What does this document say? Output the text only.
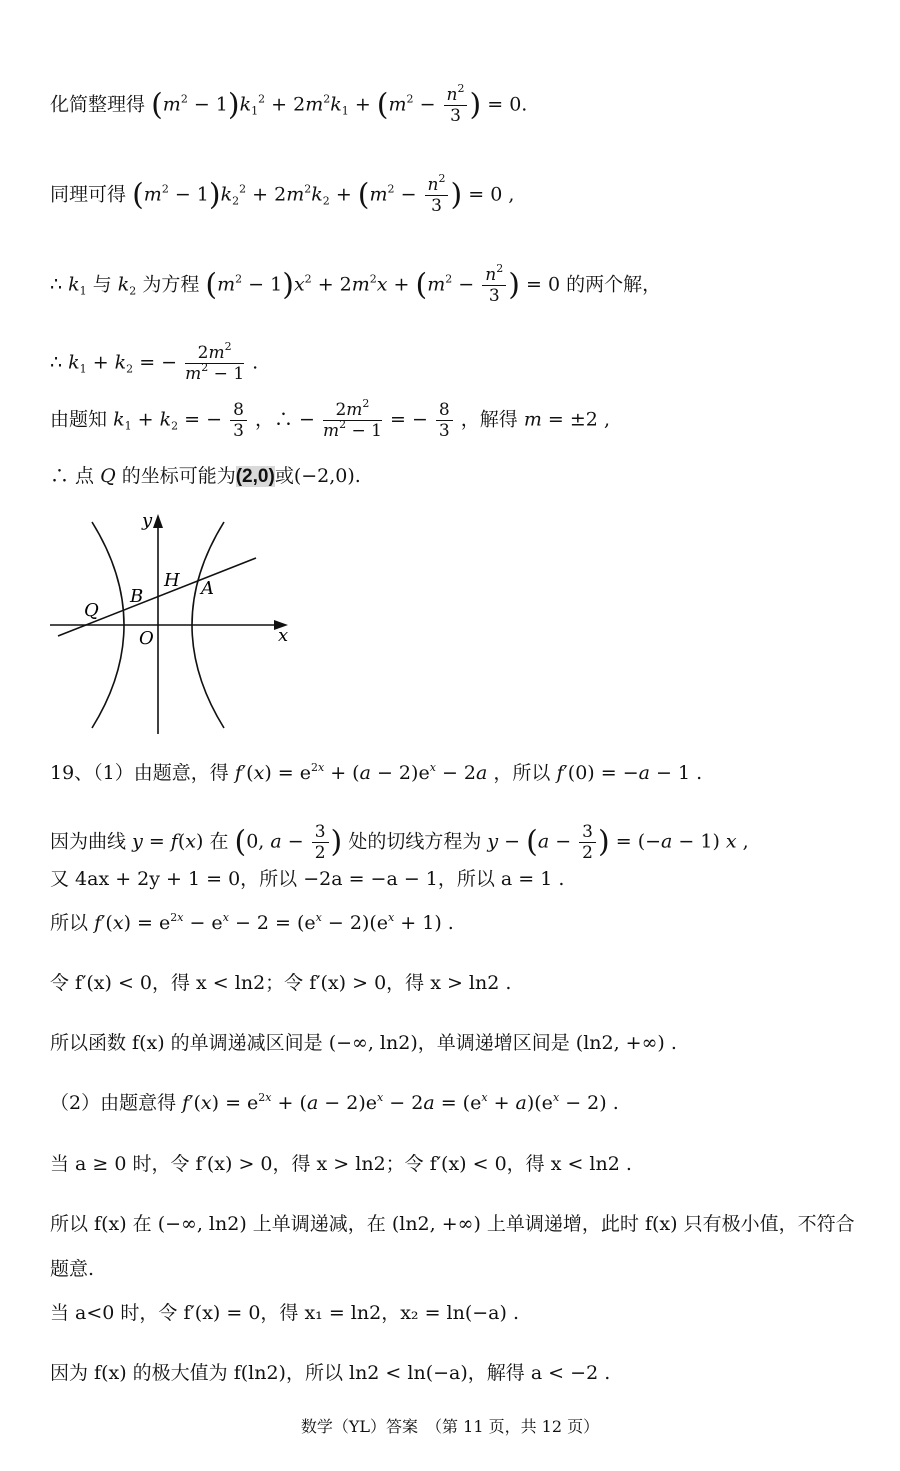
化简整理得 $(m^2 - 1)k_1^2 + 2m^2k_1 + (m^2 - \frac{n^2}{3}$ ) = 0.
同理可得 $(m^2 - 1)k_2^2 + 2m^2k_2 + (m^2 - \frac{n^2}{3}$ ) = 0 ,
∴ $k_1$ 与 $k_2$ 为方程 $(m^2 - 1)x^2 + 2m^2x + (m^2 - \frac{n^2}{3}$ ) = 0 的两个解，
∴ $k_1 + k_2$ = − $\frac{2m^2}{m^2 - 1}$ .
由题知 $k_1 + k_2$ = − $\frac{8}{3}$ ，∴ − $\frac{2m^2}{m^2 - 1}$ = − $\frac{8}{3}$ ，解得 m = ±2 ,
∴ 点 Q 的坐标可能为(2,0)或(−2,0).
y
x
H A
B
Q
O
19、（1）由题意，得 $f'(x) = e^{2x} + (a - 2)e^x - 2a$ ，所以 f′(0) = −a − 1 .
因为曲线 y = f(x) 在 (0, $a - \frac{3}{2}$ ) 处的切线方程为 $y - (a - \frac{3}{2}$ ) = (−a − 1) x ,
又 4ax + 2y + 1 = 0，所以 −2a = −a − 1，所以 a = 1 .
所以 $f'(x) = e^{2x} - e^x - 2 = (e^x - 2)(e^x + 1)$ .
令 f′(x) < 0，得 x < ln2；令 f′(x) > 0，得 x > ln2 .
所以函数 f(x) 的单调递减区间是 (−∞, ln2)，单调递增区间是 (ln2, +∞) .
（2）由题意得 $f'(x) = e^{2x} + (a - 2)e^x - 2a = (e^x + a)(e^x - 2)$ .
当 a ≥ 0 时，令 f′(x) > 0，得 x > ln2；令 f′(x) < 0，得 x < ln2 .
所以 f(x) 在 (−∞, ln2) 上单调递减，在 (ln2, +∞) 上单调递增，此时 f(x) 只有极小值，不符合
题意.
当 a<0 时，令 f′(x) = 0，得 x₁ = ln2，x₂ = ln(−a) .
因为 f(x) 的极大值为 f(ln2)，所以 ln2 < ln(−a)，解得 a < −2 .
数学（YL）答案　（第 11 页，共 12 页）
